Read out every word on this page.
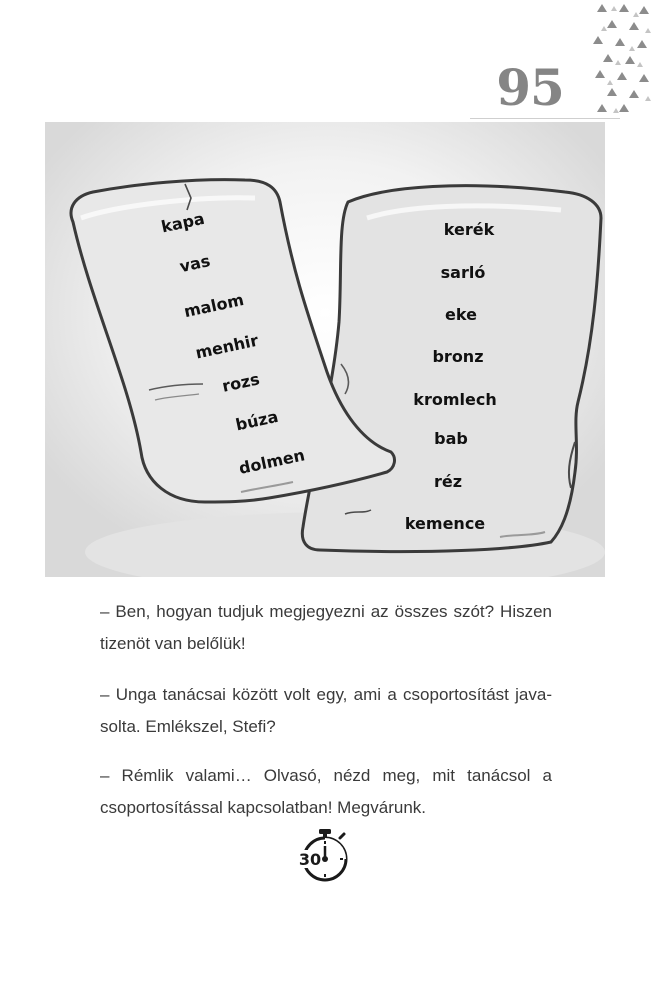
95
kapa
vas
malom
menhir
rozs
búza
dolmen
kerék
sarló
eke
bronz
kromlech
bab
réz
kemence

– Ben, hogyan tudjuk megjegyezni az összes szót? Hiszen tizenöt van belőlük!

– Unga tanácsai között volt egy, ami a csoportosítást javasolta. Emlékszel, Stefi?

– Rémlik valami… Olvasó, nézd meg, mit tanácsol a csoportosítással kapcsolatban! Megvárunk.

30
